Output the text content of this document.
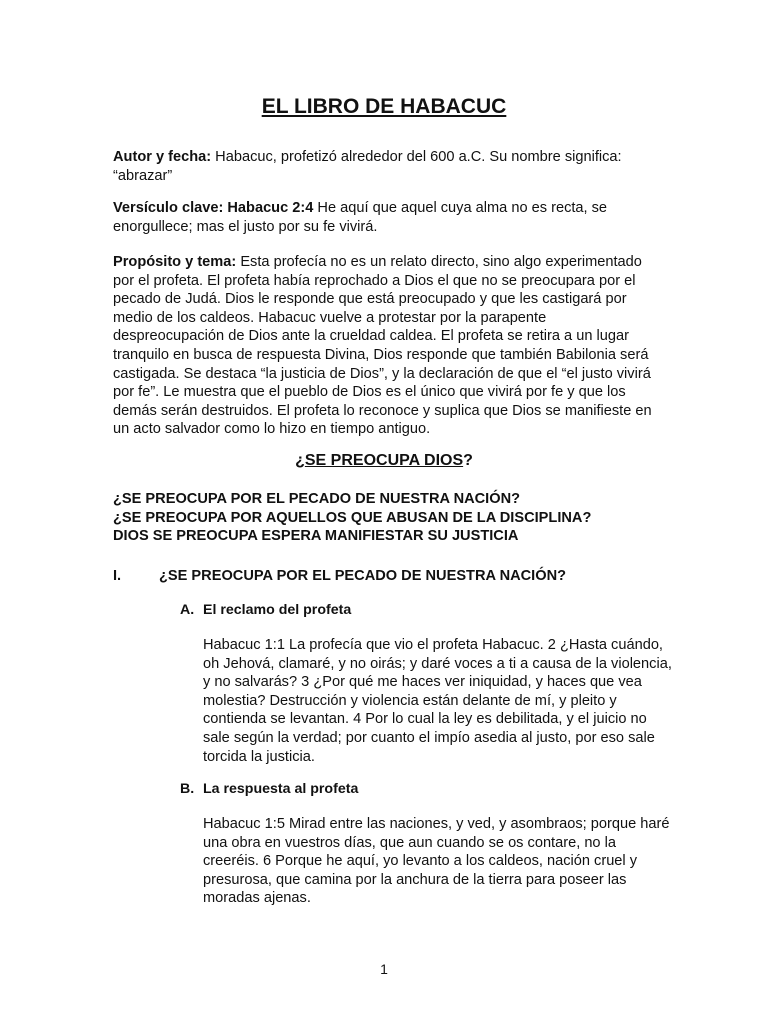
EL LIBRO DE HABACUC

Autor y fecha: Habacuc, profetizó alrededor del 600 a.C. Su nombre significa: “abrazar”

Versículo clave: Habacuc 2:4 He aquí que aquel cuya alma no es recta, se enorgullece; mas el justo por su fe vivirá.

Propósito y tema: Esta profecía no es un relato directo, sino algo experimentado por el profeta. El profeta había reprochado a Dios el que no se preocupara por el pecado de Judá. Dios le responde que está preocupado y que les castigará por medio de los caldeos. Habacuc vuelve a protestar por la parapente despreocupación de Dios ante la crueldad caldea. El profeta se retira a un lugar tranquilo en busca de respuesta Divina, Dios responde que también Babilonia será castigada. Se destaca “la justicia de Dios”, y la declaración de que el “el justo vivirá por fe”. Le muestra que el pueblo de Dios es el único que vivirá por fe y que los demás serán destruidos. El profeta lo reconoce y suplica que Dios se manifieste en un acto salvador como lo hizo en tiempo antiguo.

¿SE PREOCUPA DIOS?
¿SE PREOCUPA POR EL PECADO DE NUESTRA NACIÓN?
¿SE PREOCUPA POR AQUELLOS QUE ABUSAN DE LA DISCIPLINA?
DIOS SE PREOCUPA ESPERA MANIFIESTAR SU JUSTICIA
I.	¿SE PREOCUPA POR EL PECADO DE NUESTRA NACIÓN?
A. El reclamo del profeta

Habacuc 1:1 La profecía que vio el profeta Habacuc. 2 ¿Hasta cuándo, oh Jehová, clamaré, y no oirás; y daré voces a ti a causa de la violencia, y no salvarás? 3 ¿Por qué me haces ver iniquidad, y haces que vea molestia? Destrucción y violencia están delante de mí, y pleito y contienda se levantan. 4 Por lo cual la ley es debilitada, y el juicio no sale según la verdad; por cuanto el impío asedia al justo, por eso sale torcida la justicia.

B. La respuesta al profeta

Habacuc 1:5 Mirad entre las naciones, y ved, y asombraos; porque haré una obra en vuestros días, que aun cuando se os contare, no la creeréis. 6 Porque he aquí, yo levanto a los caldeos, nación cruel y presurosa, que camina por la anchura de la tierra para poseer las moradas ajenas.

1
